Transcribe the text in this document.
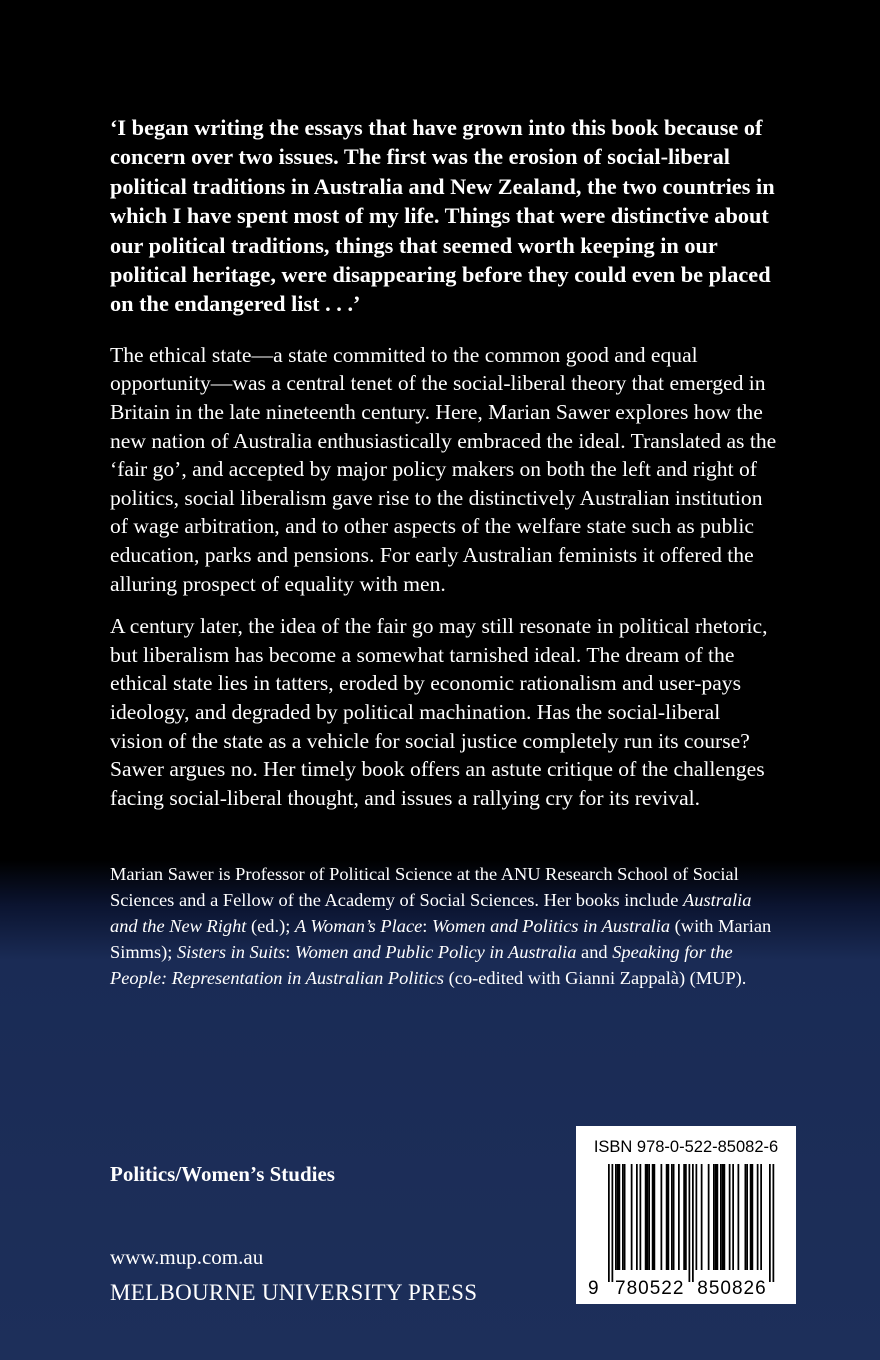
‘I began writing the essays that have grown into this book because of concern over two issues. The first was the erosion of social-liberal political traditions in Australia and New Zealand, the two countries in which I have spent most of my life. Things that were distinctive about our political traditions, things that seemed worth keeping in our political heritage, were disappearing before they could even be placed on the endangered list . . .’
The ethical state—a state committed to the common good and equal opportunity—was a central tenet of the social-liberal theory that emerged in Britain in the late nineteenth century. Here, Marian Sawer explores how the new nation of Australia enthusiastically embraced the ideal. Translated as the ‘fair go’, and accepted by major policy makers on both the left and right of politics, social liberalism gave rise to the distinctively Australian institution of wage arbitration, and to other aspects of the welfare state such as public education, parks and pensions. For early Australian feminists it offered the alluring prospect of equality with men.
A century later, the idea of the fair go may still resonate in political rhetoric, but liberalism has become a somewhat tarnished ideal. The dream of the ethical state lies in tatters, eroded by economic rationalism and user-pays ideology, and degraded by political machination. Has the social-liberal vision of the state as a vehicle for social justice completely run its course? Sawer argues no. Her timely book offers an astute critique of the challenges facing social-liberal thought, and issues a rallying cry for its revival.
Marian Sawer is Professor of Political Science at the ANU Research School of Social Sciences and a Fellow of the Academy of Social Sciences. Her books include Australia and the New Right (ed.); A Woman’s Place: Women and Politics in Australia (with Marian Simms); Sisters in Suits: Women and Public Policy in Australia and Speaking for the People: Representation in Australian Politics (co-edited with Gianni Zappalà) (MUP).
Politics/Women’s Studies
www.mup.com.au
MELBOURNE UNIVERSITY PRESS
ISBN 978-0-522-85082-6
9 780522 850826
